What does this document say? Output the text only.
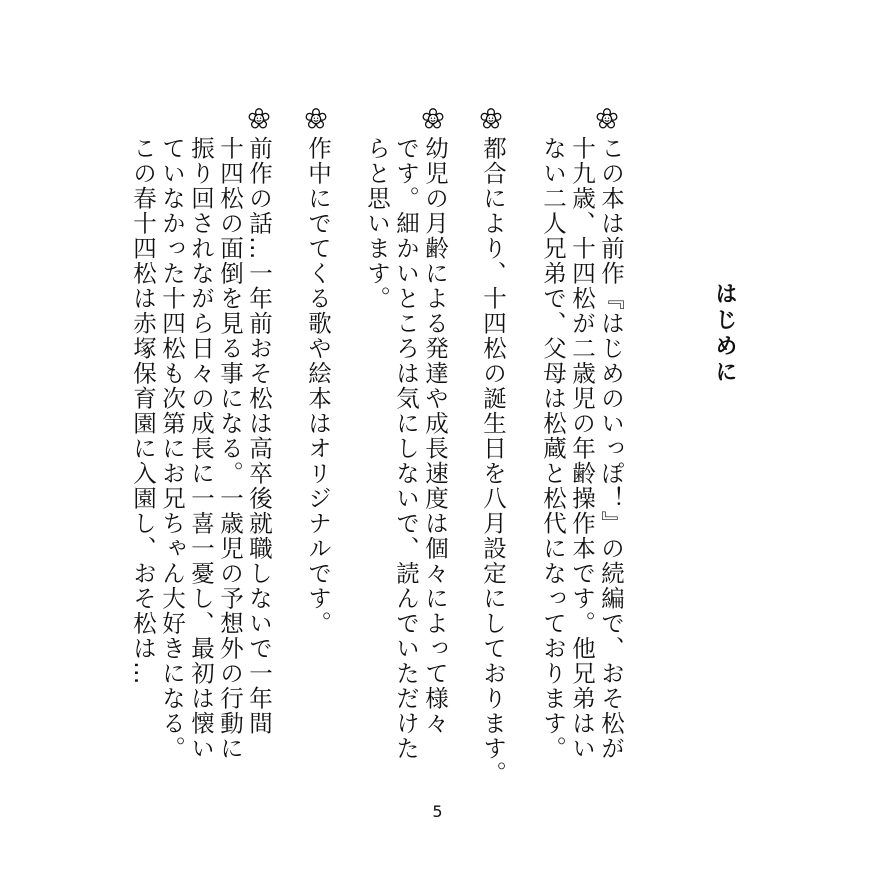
はじめに
この本は前作『はじめのいっぽ！』の続編で、おそ松が
十九歳、十四松が二歳児の年齢操作本です。他兄弟はい
ない二人兄弟で、父母は松蔵と松代になっております。
都合により、十四松の誕生日を八月設定にしております。
幼児の月齢による発達や成長速度は個々によって様々
です。細かいところは気にしないで、読んでいただけた
らと思います。
作中にでてくる歌や絵本はオリジナルです。
前作の話…一年前おそ松は高卒後就職しないで一年間
十四松の面倒を見る事になる。一歳児の予想外の行動に
振り回されながら日々の成長に一喜一憂し、最初は懐い
ていなかった十四松も次第にお兄ちゃん大好きになる。
この春十四松は赤塚保育園に入園し、おそ松は…
5
